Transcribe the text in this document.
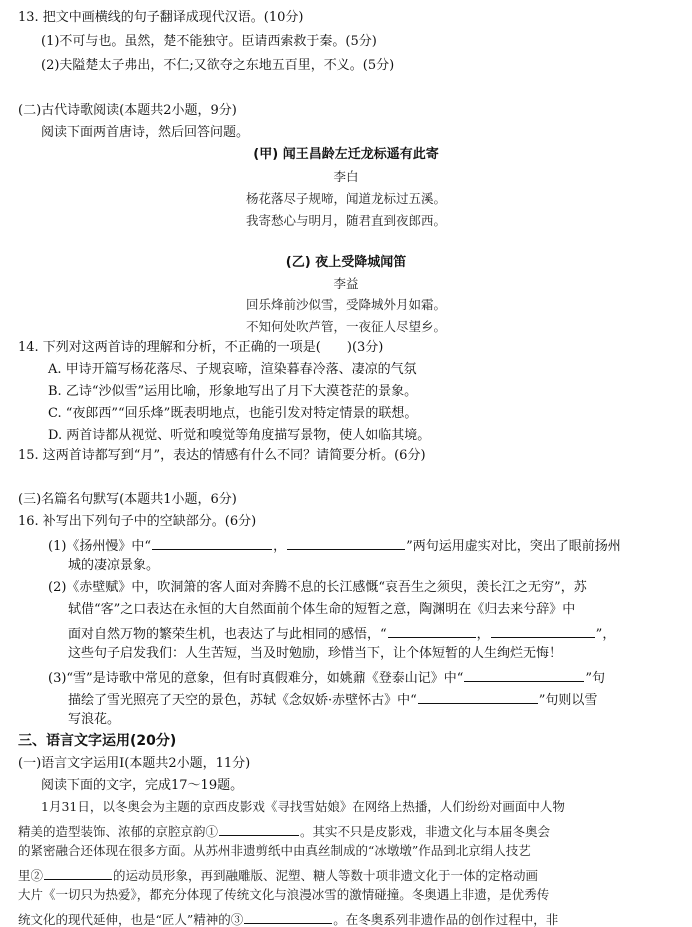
13. 把文中画横线的句子翻译成现代汉语。(10分)
(1)不可与也。虽然，楚不能独守。臣请西索救于秦。(5分)
(2)夫隘楚太子弗出，不仁;又欲夺之东地五百里，不义。(5分)
(二)古代诗歌阅读(本题共2小题，9分)
阅读下面两首唐诗，然后回答问题。
(甲) 闻王昌龄左迁龙标遥有此寄
李白
杨花落尽子规啼，闻道龙标过五溪。
我寄愁心与明月，随君直到夜郎西。
(乙) 夜上受降城闻笛
李益
回乐烽前沙似雪，受降城外月如霜。
不知何处吹芦管，一夜征人尽望乡。
14. 下列对这两首诗的理解和分析，不正确的一项是(　　)(3分)
A. 甲诗开篇写杨花落尽、子规哀啼，渲染暮春冷落、凄凉的气氛
B. 乙诗“沙似雪”运用比喻，形象地写出了月下大漠苍茫的景象。
C. “夜郎西”“回乐烽”既表明地点，也能引发对特定情景的联想。
D. 两首诗都从视觉、听觉和嗅觉等角度描写景物，使人如临其境。
15. 这两首诗都写到“月”，表达的情感有什么不同？请简要分析。(6分)
(三)名篇名句默写(本题共1小题，6分)
16. 补写出下列句子中的空缺部分。(6分)
(1)《扬州慢》中“	，	”两句运用虚实对比，突出了眼前扬州
城的凄凉景象。
(2)《赤壁赋》中，吹洞箫的客人面对奔腾不息的长江感慨“哀吾生之须臾，羡长江之无穷”，苏
轼借“客”之口表达在永恒的大自然面前个体生命的短暂之意，陶渊明在《归去来兮辞》中
面对自然万物的繁荣生机，也表达了与此相同的感悟，“	，	”，
这些句子启发我们：人生苦短，当及时勉励，珍惜当下，让个体短暂的人生绚烂无悔！
(3)“雪”是诗歌中常见的意象，但有时真假难分，如姚鼐《登泰山记》中“	”句
描绘了雪光照亮了天空的景色，苏轼《念奴娇·赤壁怀古》中“	”句则以雪
写浪花。
三、语言文字运用(20分)
(一)语言文字运用Ⅰ(本题共2小题，11分)
阅读下面的文字，完成17～19题。
1月31日，以冬奥会为主题的京西皮影戏《寻找雪姑娘》在网络上热播，人们纷纷对画面中人物
精美的造型装饰、浓郁的京腔京韵①	。其实不只是皮影戏，非遗文化与本届冬奥会
的紧密融合还体现在很多方面。从苏州非遗剪纸中由真丝制成的“冰墩墩”作品到北京绢人技艺
里②	的运动员形象，再到融雕版、泥塑、糖人等数十项非遗文化于一体的定格动画
大片《一切只为热爱》，都充分体现了传统文化与浪漫冰雪的激情碰撞。冬奥遇上非遗，是优秀传
统文化的现代延伸，也是“匠人”精神的③	。在冬奥系列非遗作品的创作过程中，非
